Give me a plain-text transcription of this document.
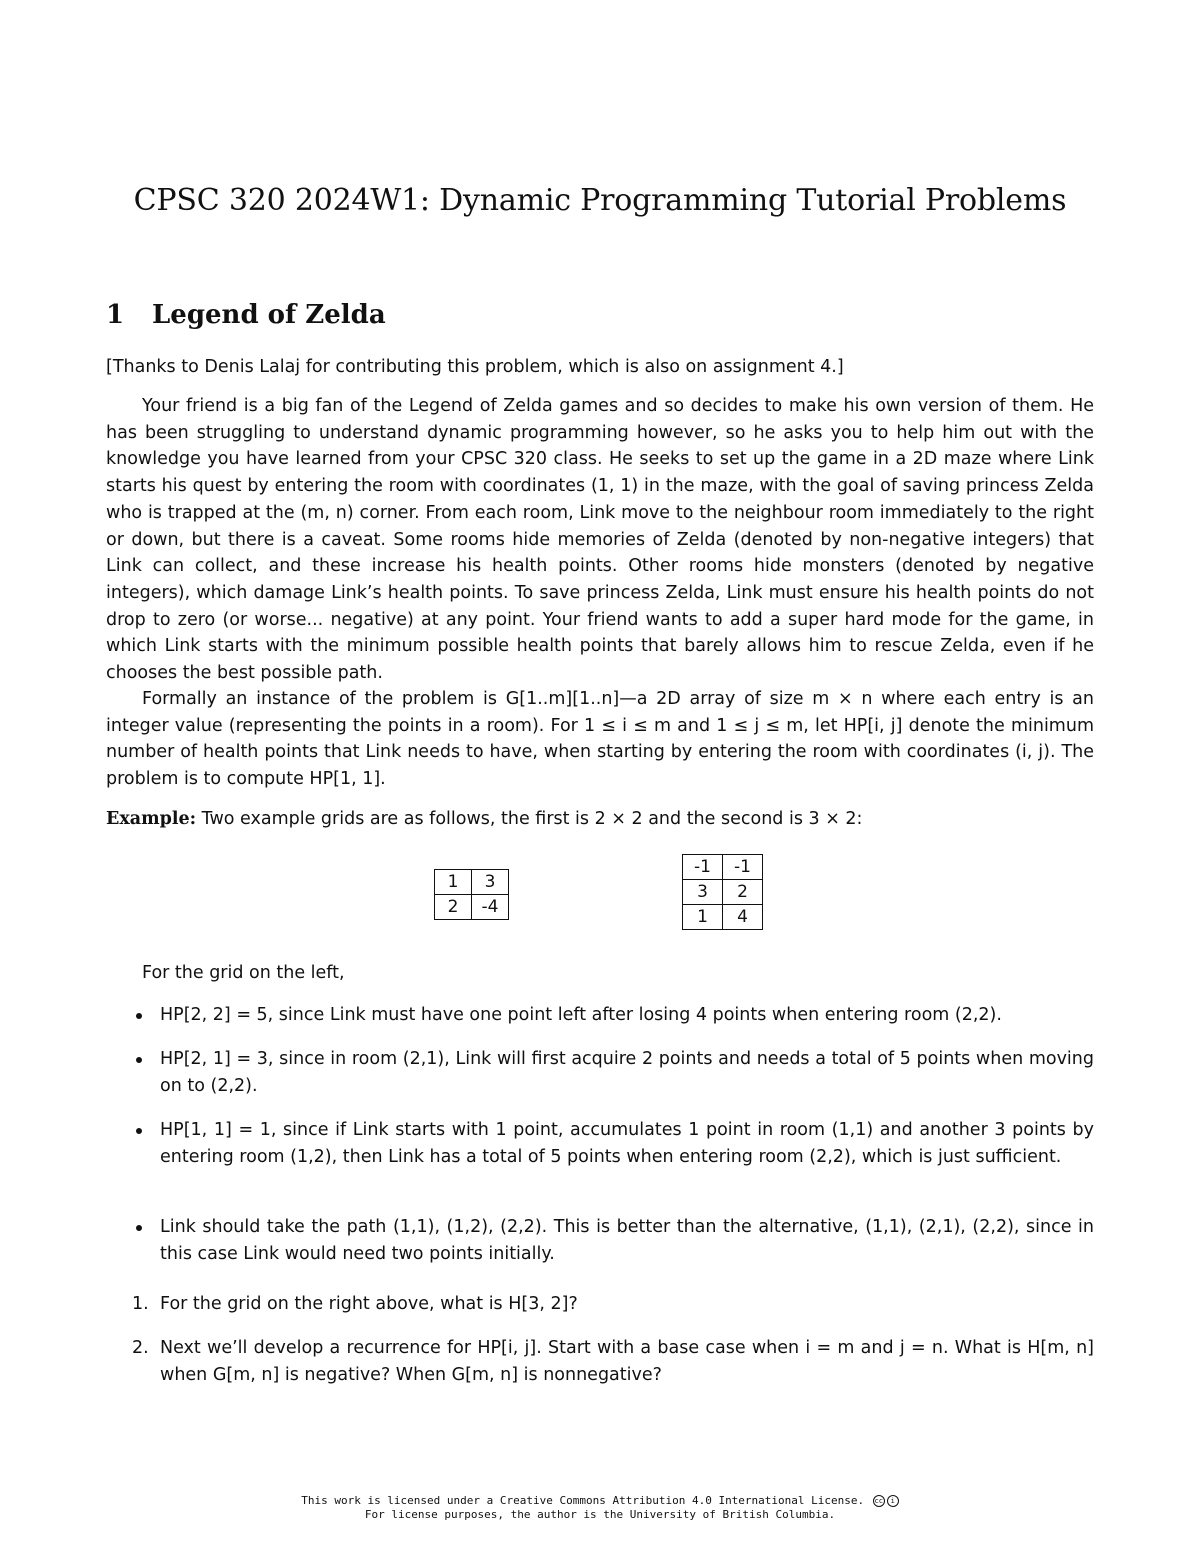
CPSC 320 2024W1: Dynamic Programming Tutorial Problems
1 Legend of Zelda

[Thanks to Denis Lalaj for contributing this problem, which is also on assignment 4.]

Your friend is a big fan of the Legend of Zelda games and so decides to make his own version of them. He has been struggling to understand dynamic programming however, so he asks you to help him out with the knowledge you have learned from your CPSC 320 class. He seeks to set up the game in a 2D maze where Link starts his quest by entering the room with coordinates (1, 1) in the maze, with the goal of saving princess Zelda who is trapped at the (m, n) corner. From each room, Link move to the neighbour room immediately to the right or down, but there is a caveat. Some rooms hide memories of Zelda (denoted by non-negative integers) that Link can collect, and these increase his health points. Other rooms hide monsters (denoted by negative integers), which damage Link’s health points. To save princess Zelda, Link must ensure his health points do not drop to zero (or worse... negative) at any point. Your friend wants to add a super hard mode for the game, in which Link starts with the minimum possible health points that barely allows him to rescue Zelda, even if he chooses the best possible path.

Formally an instance of the problem is G[1..m][1..n]—a 2D array of size m × n where each entry is an integer value (representing the points in a room). For 1 ≤ i ≤ m and 1 ≤ j ≤ m, let HP[i, j] denote the minimum number of health points that Link needs to have, when starting by entering the room with coordinates (i, j). The problem is to compute HP[1, 1].

Example: Two example grids are as follows, the first is 2 × 2 and the second is 3 × 2:

1	3
2	-4
-1	-1
3	2
1	4

For the grid on the left,

HP[2, 2] = 5, since Link must have one point left after losing 4 points when entering room (2,2).
HP[2, 1] = 3, since in room (2,1), Link will first acquire 2 points and needs a total of 5 points when moving on to (2,2).
HP[1, 1] = 1, since if Link starts with 1 point, accumulates 1 point in room (1,1) and another 3 points by entering room (1,2), then Link has a total of 5 points when entering room (2,2), which is just sufficient.
Link should take the path (1,1), (1,2), (2,2). This is better than the alternative, (1,1), (2,1), (2,2), since in this case Link would need two points initially.
1. For the grid on the right above, what is H[3, 2]?
2. Next we’ll develop a recurrence for HP[i, j]. Start with a base case when i = m and j = n. What is H[m, n] when G[m, n] is negative? When G[m, n] is nonnegative?
This work is licensed under a Creative Commons Attribution 4.0 International License. cc i
For license purposes, the author is the University of British Columbia.
